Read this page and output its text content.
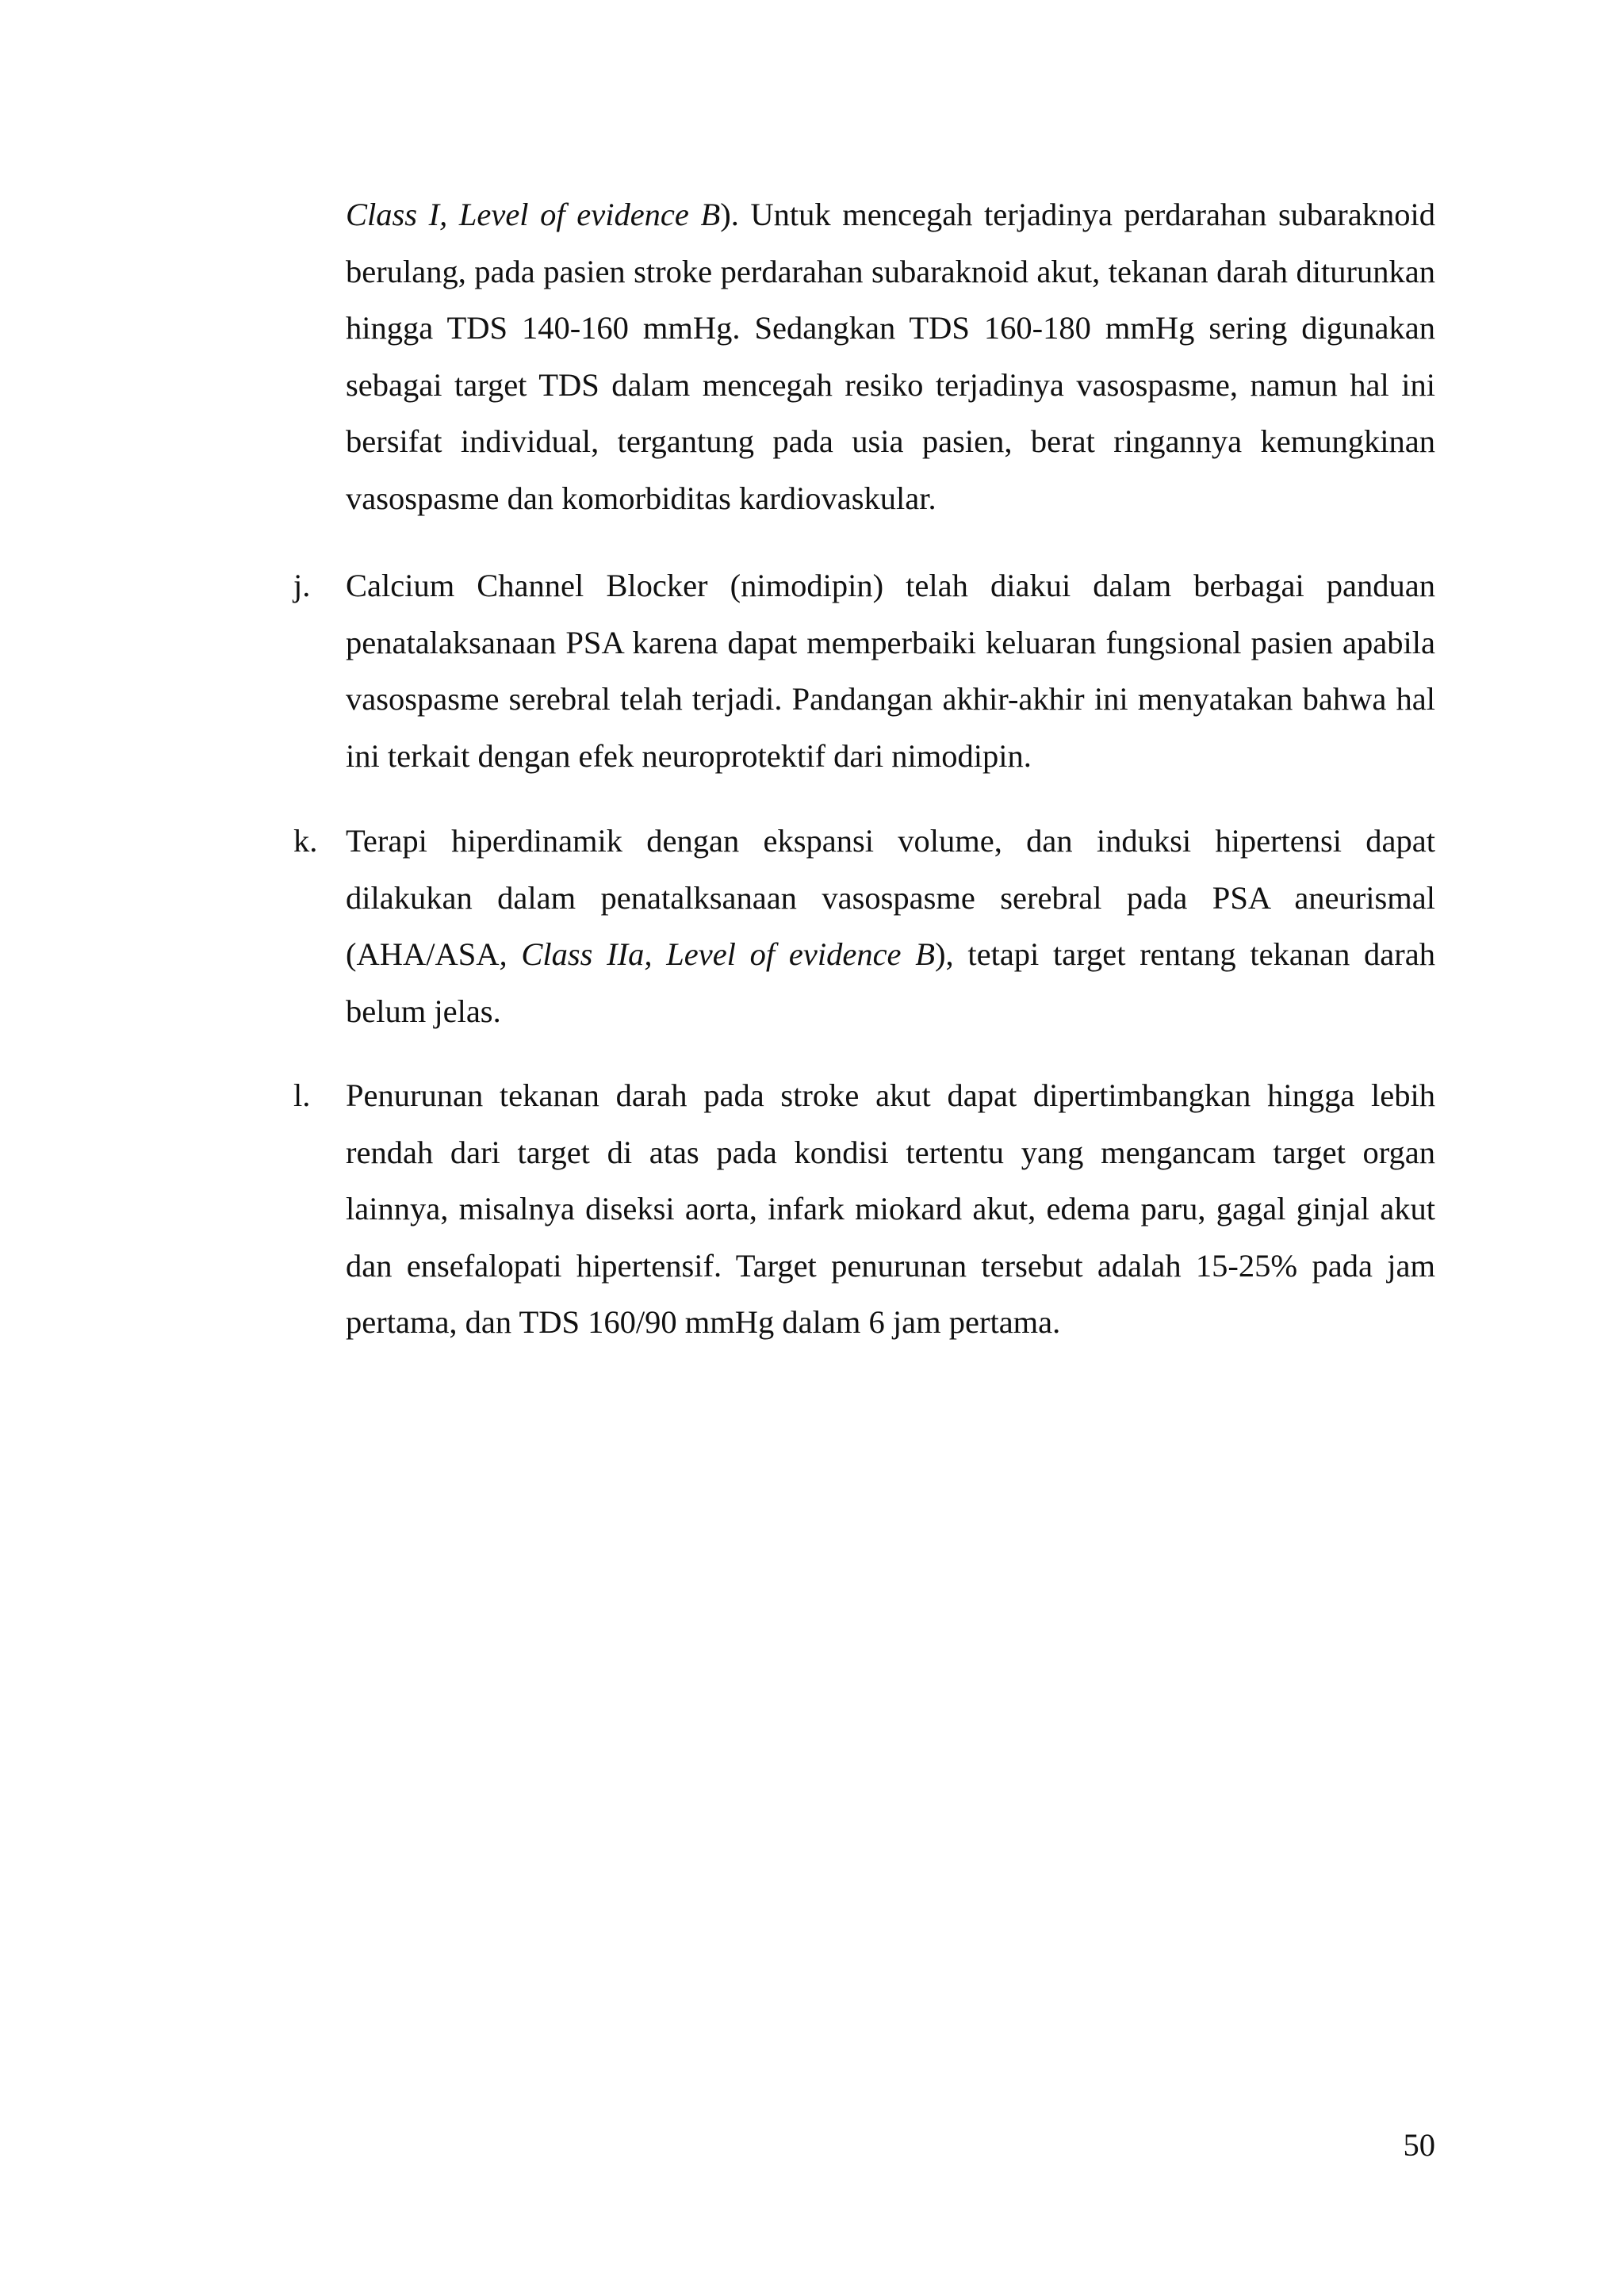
Class I, Level of evidence B). Untuk mencegah terjadinya perdarahan subaraknoid berulang, pada pasien stroke perdarahan subaraknoid akut, tekanan darah diturunkan hingga TDS 140-160 mmHg. Sedangkan TDS 160-180 mmHg sering digunakan sebagai target TDS dalam mencegah resiko terjadinya vasospasme, namun hal ini bersifat individual, tergantung pada usia pasien, berat ringannya kemungkinan vasospasme dan komorbiditas kardiovaskular.

j. Calcium Channel Blocker (nimodipin) telah diakui dalam berbagai panduan penatalaksanaan PSA karena dapat memperbaiki keluaran fungsional pasien apabila vasospasme serebral telah terjadi. Pandangan akhir-akhir ini menyatakan bahwa hal ini terkait dengan efek neuroprotektif dari nimodipin.

k. Terapi hiperdinamik dengan ekspansi volume, dan induksi hipertensi dapat dilakukan dalam penatalksanaan vasospasme serebral pada PSA aneurismal (AHA/ASA, Class IIa, Level of evidence B), tetapi target rentang tekanan darah belum jelas.

l. Penurunan tekanan darah pada stroke akut dapat dipertimbangkan hingga lebih rendah dari target di atas pada kondisi tertentu yang mengancam target organ lainnya, misalnya diseksi aorta, infark miokard akut, edema paru, gagal ginjal akut dan ensefalopati hipertensif. Target penurunan tersebut adalah 15-25% pada jam pertama, dan TDS 160/90 mmHg dalam 6 jam pertama.

50
